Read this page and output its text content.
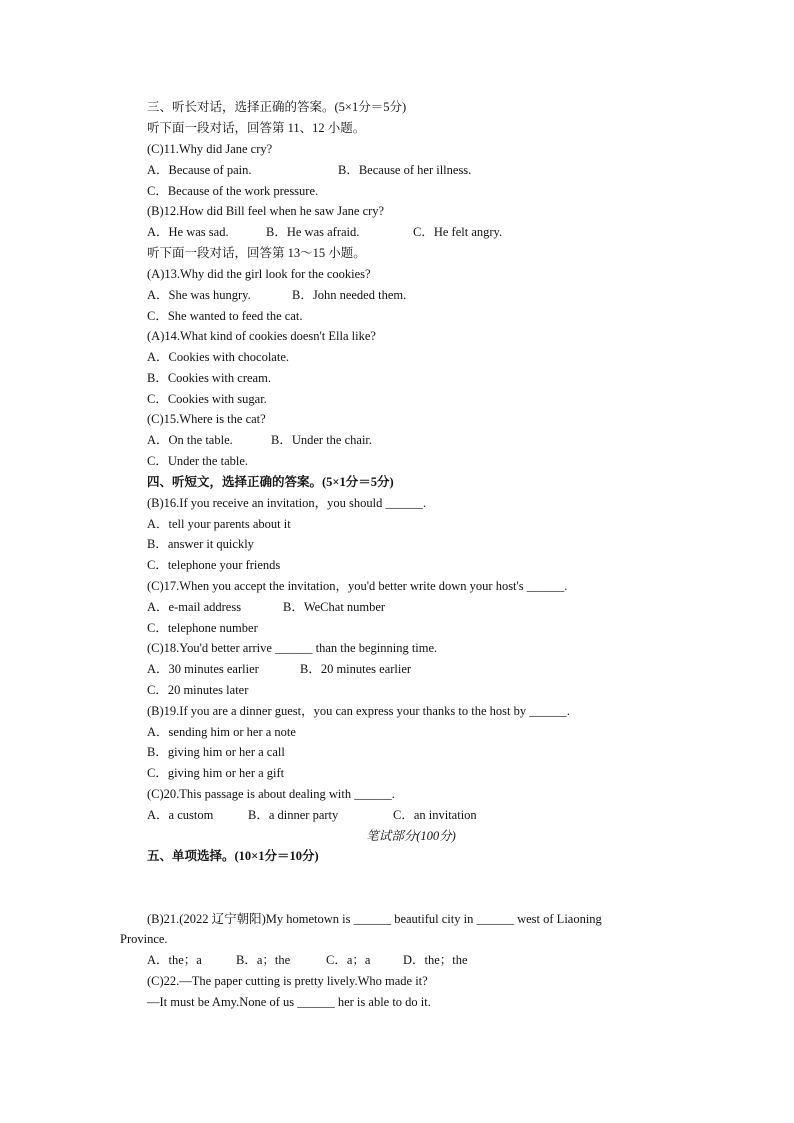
三、听长对话，选择正确的答案。(5×1分＝5分)
听下面一段对话，回答第 11、12 小题。
(C)11.Why did Jane cry?
A．Because of pain.	B．Because of her illness.
C．Because of the work pressure.
(B)12.How did Bill feel when he saw Jane cry?
A．He was sad.	B．He was afraid.	C．He felt angry.
听下面一段对话，回答第 13～15 小题。
(A)13.Why did the girl look for the cookies?
A．She was hungry.	B．John needed them.
C．She wanted to feed the cat.
(A)14.What kind of cookies doesn't Ella like?
A．Cookies with chocolate.
B．Cookies with cream.
C．Cookies with sugar.
(C)15.Where is the cat?
A．On the table.	B．Under the chair.
C．Under the table.
四、听短文，选择正确的答案。(5×1分＝5分)
(B)16.If you receive an invitation，you should ______.
A．tell your parents about it
B．answer it quickly
C．telephone your friends
(C)17.When you accept the invitation，you'd better write down your host's ______.
A．e-mail address	B．WeChat number
C．telephone number
(C)18.You'd better arrive ______ than the beginning time.
A．30 minutes earlier	B．20 minutes earlier
C．20 minutes later
(B)19.If you are a dinner guest，you can express your thanks to the host by ______.
A．sending him or her a note
B．giving him or her a call
C．giving him or her a gift
(C)20.This passage is about dealing with ______.
A．a custom	B．a dinner party	C．an invitation
笔试部分(100分)
五、单项选择。(10×1分＝10分)
(B)21.(2022 辽宁朝阳)My hometown is ______ beautiful city in ______ west of Liaoning
Province.
A．the；a	B．a；the	C．a；a	D．the；the
(C)22.—The paper cutting is pretty lively.Who made it?
—It must be Amy.None of us ______ her is able to do it.
